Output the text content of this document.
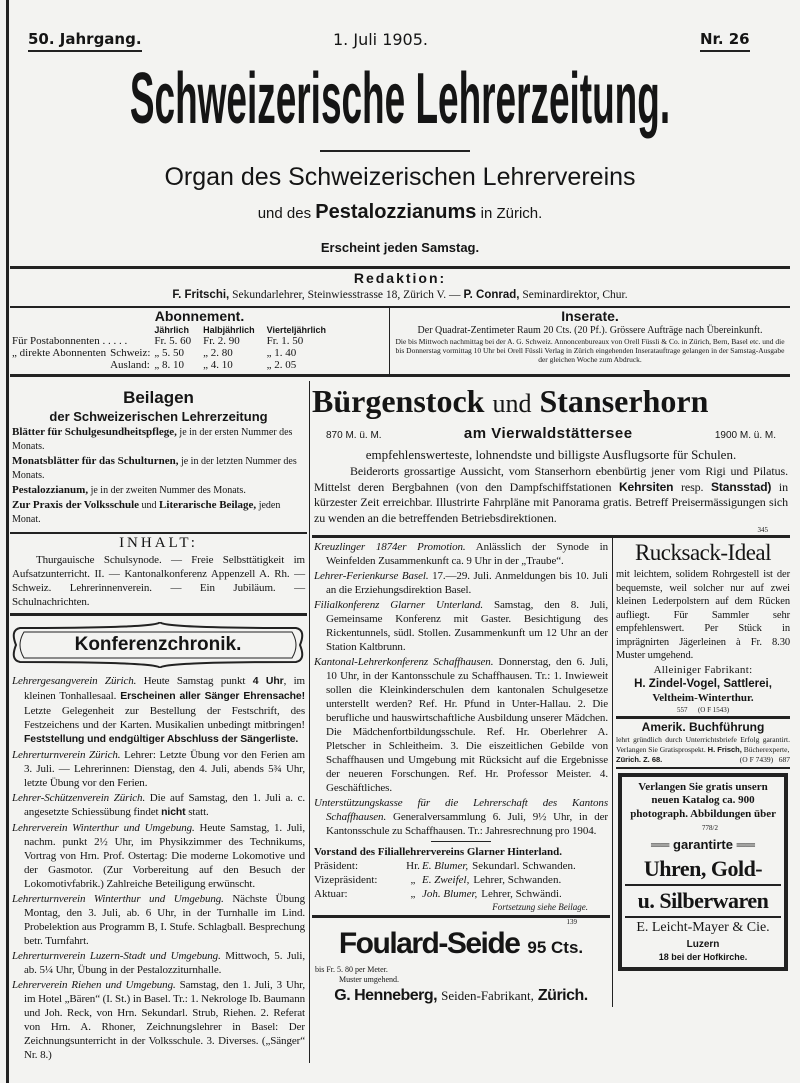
50. Jahrgang.	1. Juli 1905.	Nr. 26
Schweizerische Lehrerzeitung.
Organ des Schweizerischen Lehrervereins
und des Pestalozzianums in Zürich.
Erscheint jeden Samstag.
Redaktion:
F. Fritschi, Sekundarlehrer, Steinwiesstrasse 18, Zürich V. — P. Conrad, Seminardirektor, Chur.
Abonnement.
		Jährlich	Halbjährlich	Vierteljährlich
Für Postabonnenten . . . . .		Fr. 5. 60	Fr. 2. 90	Fr. 1. 50
„ direkte Abonnenten	Schweiz:	„ 5. 50	„ 2. 80	„ 1. 40
	Ausland:	„ 8. 10	„ 4. 10	„ 2. 05
Inserate.
Der Quadrat-Zentimeter Raum 20 Cts. (20 Pf.). Grössere Aufträge nach Übereinkunft.
Die bis Mittwoch nachmittag bei der A. G. Schweiz. Annoncenbureaux von Orell Füssli & Co. in Zürich, Bern, Basel etc. und die bis Donnerstag vormittag 10 Uhr bei Orell Füssli Verlag in Zürich eingehenden Inseratauftrage gelangen in der Samstag-Ausgabe der gleichen Woche zum Abdruck.
Beilagen
der Schweizerischen Lehrerzeitung
Blätter für Schulgesundheitspflege, je in der ersten Nummer des Monats.
Monatsblätter für das Schulturnen, je in der letzten Nummer des Monats.
Pestalozzianum, je in der zweiten Nummer des Monats.
Zur Praxis der Volksschule und Literarische Beilage, jeden Monat.
INHALT:
Thurgauische Schulsynode. — Freie Selbsttätigkeit im Aufsatzunterricht. II. — Kantonalkonferenz Appenzell A. Rh. — Schweiz. Lehrerinnenverein. — Ein Jubiläum. — Schulnachrichten.
Konferenzchronik.
Lehrergesangverein Zürich. Heute Samstag punkt 4 Uhr, im kleinen Tonhallesaal. Erscheinen aller Sänger Ehrensache! Letzte Gelegenheit zur Bestellung der Festschrift, des Festzeichens und der Karten. Musikalien unbedingt mitbringen! Feststellung und endgültiger Abschluss der Sängerliste.
Lehrerturnverein Zürich. Lehrer: Letzte Übung vor den Ferien am 3. Juli. — Lehrerinnen: Dienstag, den 4. Juli, abends 5¾ Uhr, letzte Übung vor den Ferien.
Lehrer-Schützenverein Zürich. Die auf Samstag, den 1. Juli a. c. angesetzte Schiessübung findet nicht statt.
Lehrerverein Winterthur und Umgebung. Heute Samstag, 1. Juli, nachm. punkt 2½ Uhr, im Physikzimmer des Technikums, Vortrag von Hrn. Prof. Ostertag: Die moderne Lokomotive und der Gasmotor. (Zur Vorbereitung auf den Besuch der Lokomotivfabrik.) Zahlreiche Beteiligung erwünscht.
Lehrerturnverein Winterthur und Umgebung. Nächste Übung Montag, den 3. Juli, ab. 6 Uhr, in der Turnhalle im Lind. Probelektion aus Programm B, I. Stufe. Schlagball. Besprechung betr. Turnfahrt.
Lehrerturnverein Luzern-Stadt und Umgebung. Mittwoch, 5. Juli, ab. 5¼ Uhr, Übung in der Pestalozziturnhalle.
Lehrerverein Riehen und Umgebung. Samstag, den 1. Juli, 3 Uhr, im Hotel „Bären“ (I. St.) in Basel. Tr.: 1. Nekrologe Ib. Baumann und Joh. Reck, von Hrn. Sekundarl. Strub, Riehen. 2. Referat von Hrn. A. Rhoner, Zeichnungslehrer in Basel: Der Zeichnungsunterricht in der Volksschule. 3. Diverses. („Sänger“ Nr. 8.)
Bürgenstock und Stanserhorn
870 M. ü. M.	am Vierwaldstättersee	1900 M. ü. M.
empfehlenswerteste, lohnendste und billigste Ausflugsorte für Schulen.
Beiderorts grossartige Aussicht, vom Stanserhorn ebenbürtig jener vom Rigi und Pilatus. Mittelst deren Bergbahnen (von den Dampfschiffstationen Kehrsiten resp. Stansstad) in kürzester Zeit erreichbar. Illustrirte Fahrpläne mit Panorama gratis. Betreff Preisermässigungen sich zu wenden an die betreffenden Betriebsdirektionen.
345
Kreuzlinger 1874er Promotion. Anlässlich der Synode in Weinfelden Zusammenkunft ca. 9 Uhr in der „Traube“.
Lehrer-Ferienkurse Basel. 17.—29. Juli. Anmeldungen bis 10. Juli an die Erziehungsdirektion Basel.
Filialkonferenz Glarner Unterland. Samstag, den 8. Juli, Gemeinsame Konferenz mit Gaster. Besichtigung des Rickentunnels, südl. Stollen. Zusammenkunft um 12 Uhr an der Station Kaltbrunn.
Kantonal-Lehrerkonferenz Schaffhausen. Donnerstag, den 6. Juli, 10 Uhr, in der Kantonsschule zu Schaffhausen. Tr.: 1. Inwieweit sollen die Kleinkinderschulen dem kantonalen Schulgesetze unterstellt werden? Ref. Hr. Pfund in Unter-Hallau. 2. Die berufliche und hauswirtschaftliche Ausbildung unserer Mädchen. Die Mädchenfortbildungsschule. Ref. Hr. Oberlehrer A. Pletscher in Schleitheim. 3. Die eiszeitlichen Gebilde von Schaffhausen und Umgebung mit Rücksicht auf die Ergebnisse der neueren Forschungen. Ref. Hr. Professor Meister. 4. Geschäftliches.
Unterstützungskasse für die Lehrerschaft des Kantons Schaffhausen. Generalversammlung 6. Juli, 9½ Uhr, in der Kantonsschule zu Schaffhausen. Tr.: Jahresrechnung pro 1904.
Vorstand des Filiallehrervereins Glarner Hinterland.
Präsident:	Hr. E. Blumer, Sekundarl. Schwanden.
Vizepräsident:	„ E. Zweifel, Lehrer, Schwanden.
Aktuar:	„ Joh. Blumer, Lehrer, Schwändi.
Fortsetzung siehe Beilage.
139
Foulard-Seide 95 Cts.
bis Fr. 5. 80 per Meter.
Muster umgehend.
G. Henneberg, Seiden-Fabrikant, Zürich.
Rucksack-Ideal
mit leichtem, solidem Rohrgestell ist der bequemste, weil solcher nur auf zwei kleinen Lederpolstern auf dem Rücken aufliegt. Für Sammler sehr empfehlenswert. Per Stück in imprägnirten Jägerleinen à Fr. 8.30 Muster umgehend.
Alleiniger Fabrikant:
H. Zindel-Vogel, Sattlerei,
Veltheim-Winterthur.
557      (O F 1543)
Amerik. Buchführung
lehrt gründlich durch Unterrichtsbriefe Erfolg garantirt. Verlangen Sie Gratisprospekt. H. Frisch, Bücherexperte,
Zürich. Z. 68.	(O F 7439)   687
Verlangen Sie gratis unsern neuen Katalog ca. 900 photograph. Abbildungen über 778/2
══ garantirte ══
Uhren, Gold-
u. Silberwaren
E. Leicht-Mayer & Cie.
Luzern
18 bei der Hofkirche.
